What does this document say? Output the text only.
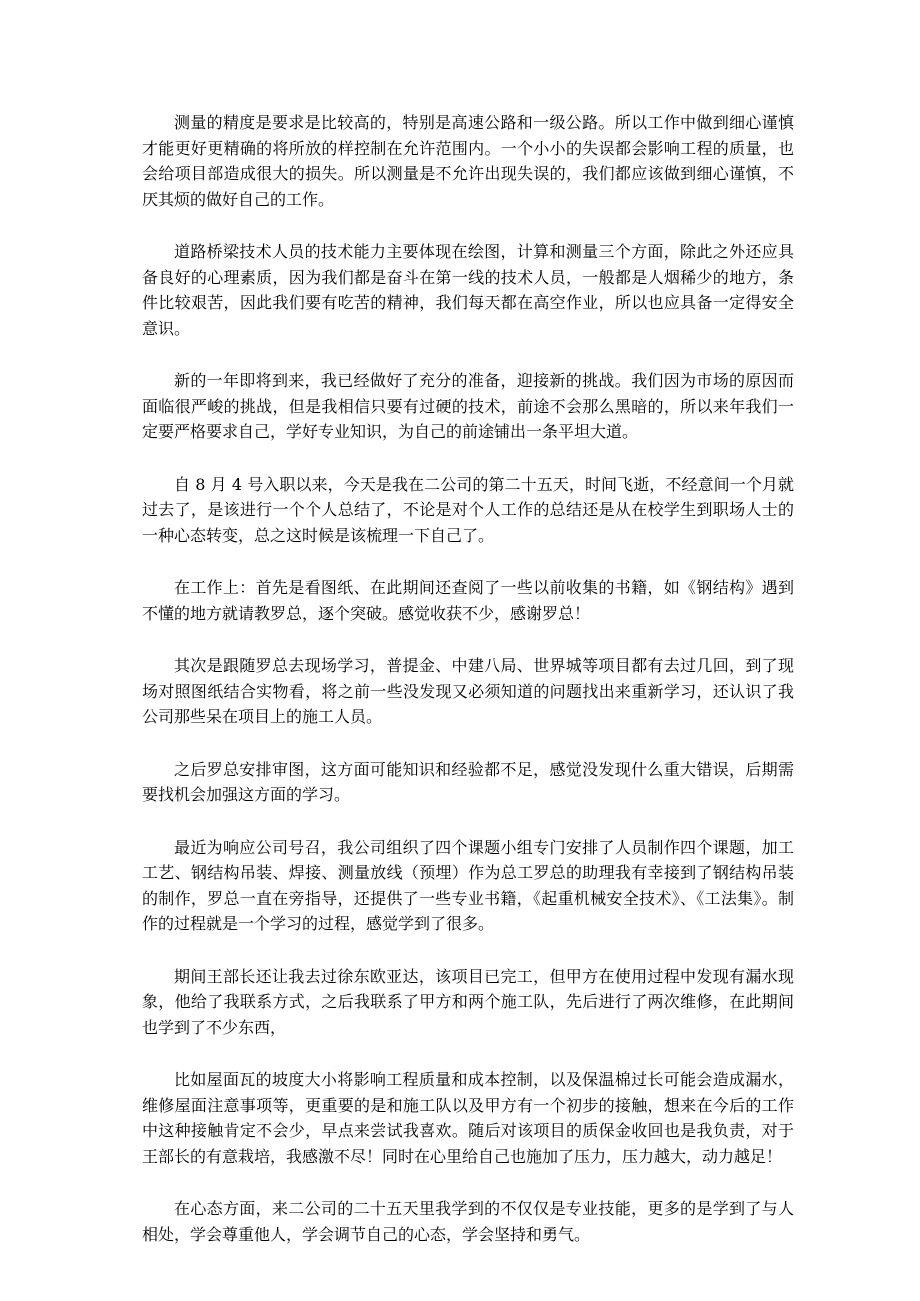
测量的精度是要求是比较高的，特别是高速公路和一级公路。所以工作中做到细心谨慎才能更好更精确的将所放的样控制在允许范围内。一个小小的失误都会影响工程的质量，也会给项目部造成很大的损失。所以测量是不允许出现失误的，我们都应该做到细心谨慎，不厌其烦的做好自己的工作。

道路桥梁技术人员的技术能力主要体现在绘图，计算和测量三个方面，除此之外还应具备良好的心理素质，因为我们都是奋斗在第一线的技术人员，一般都是人烟稀少的地方，条件比较艰苦，因此我们要有吃苦的精神，我们每天都在高空作业，所以也应具备一定得安全意识。

新的一年即将到来，我已经做好了充分的准备，迎接新的挑战。我们因为市场的原因而面临很严峻的挑战，但是我相信只要有过硬的技术，前途不会那么黑暗的，所以来年我们一定要严格要求自己，学好专业知识，为自己的前途铺出一条平坦大道。

自 8 月 4 号入职以来，今天是我在二公司的第二十五天，时间飞逝，不经意间一个月就过去了，是该进行一个个人总结了，不论是对个人工作的总结还是从在校学生到职场人士的一种心态转变，总之这时候是该梳理一下自己了。

在工作上：首先是看图纸、在此期间还查阅了一些以前收集的书籍，如《钢结构》遇到不懂的地方就请教罗总，逐个突破。感觉收获不少，感谢罗总！

其次是跟随罗总去现场学习，普提金、中建八局、世界城等项目都有去过几回，到了现场对照图纸结合实物看，将之前一些没发现又必须知道的问题找出来重新学习，还认识了我公司那些呆在项目上的施工人员。

之后罗总安排审图，这方面可能知识和经验都不足，感觉没发现什么重大错误，后期需要找机会加强这方面的学习。

最近为响应公司号召，我公司组织了四个课题小组专门安排了人员制作四个课题，加工工艺、钢结构吊装、焊接、测量放线（预埋）作为总工罗总的助理我有幸接到了钢结构吊装的制作，罗总一直在旁指导，还提供了一些专业书籍，《起重机械安全技术》、《工法集》。制作的过程就是一个学习的过程，感觉学到了很多。

期间王部长还让我去过徐东欧亚达，该项目已完工，但甲方在使用过程中发现有漏水现象，他给了我联系方式，之后我联系了甲方和两个施工队，先后进行了两次维修，在此期间也学到了不少东西，

比如屋面瓦的坡度大小将影响工程质量和成本控制，以及保温棉过长可能会造成漏水，维修屋面注意事项等，更重要的是和施工队以及甲方有一个初步的接触，想来在今后的工作中这种接触肯定不会少，早点来尝试我喜欢。随后对该项目的质保金收回也是我负责，对于王部长的有意栽培，我感激不尽！同时在心里给自己也施加了压力，压力越大，动力越足！

在心态方面，来二公司的二十五天里我学到的不仅仅是专业技能，更多的是学到了与人相处，学会尊重他人，学会调节自己的心态，学会坚持和勇气。
